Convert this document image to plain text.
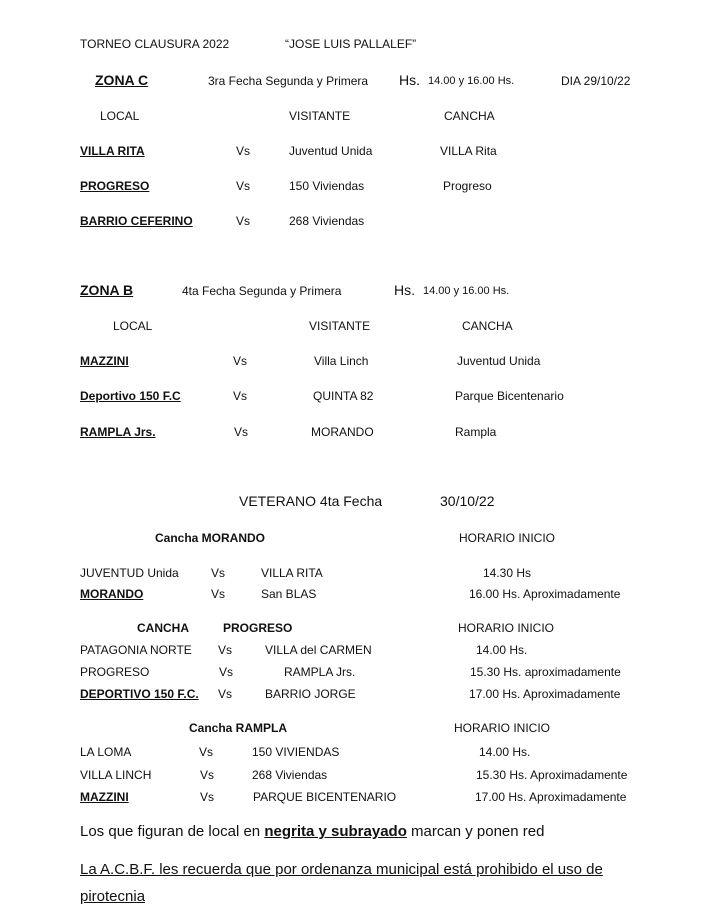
TORNEO CLAUSURA 2022	“JOSE LUIS PALLALEF”
ZONA C	3ra Fecha Segunda y Primera Hs. 14.00 y 16.00 Hs.	DIA 29/10/22
LOCAL	VISITANTE	CANCHA
VILLA RITA	Vs	Juventud Unida	VILLA Rita
PROGRESO	Vs	150 Viviendas	Progreso
BARRIO CEFERINO	Vs	268 Viviendas
ZONA B	4ta Fecha Segunda y Primera	Hs. 14.00 y 16.00 Hs.
LOCAL	VISITANTE	CANCHA
MAZZINI	Vs	Villa Linch	Juventud Unida
Deportivo 150 F.C	Vs	QUINTA 82	Parque Bicentenario
RAMPLA Jrs.	Vs	MORANDO	Rampla
VETERANO 4ta Fecha	30/10/22
Cancha MORANDO	HORARIO INICIO
JUVENTUD Unida	Vs	VILLA RITA	14.30 Hs
MORANDO	Vs	San BLAS	16.00 Hs. Aproximadamente
CANCHA	PROGRESO	HORARIO INICIO
PATAGONIA NORTE Vs	VILLA del CARMEN	14.00 Hs.
PROGRESO	Vs	RAMPLA Jrs.	15.30 Hs. aproximadamente
DEPORTIVO 150 F.C. Vs	BARRIO JORGE	17.00 Hs. Aproximadamente
Cancha RAMPLA	HORARIO INICIO
LA LOMA	Vs	150 VIVIENDAS	14.00 Hs.
VILLA LINCH	Vs	268 Viviendas	15.30 Hs. Aproximadamente
MAZZINI	Vs	PARQUE BICENTENARIO	17.00 Hs. Aproximadamente
Los que figuran de local en negrita y subrayado marcan y ponen red
La A.C.B.F. les recuerda que por ordenanza municipal está prohibido el uso de
pirotecnia
